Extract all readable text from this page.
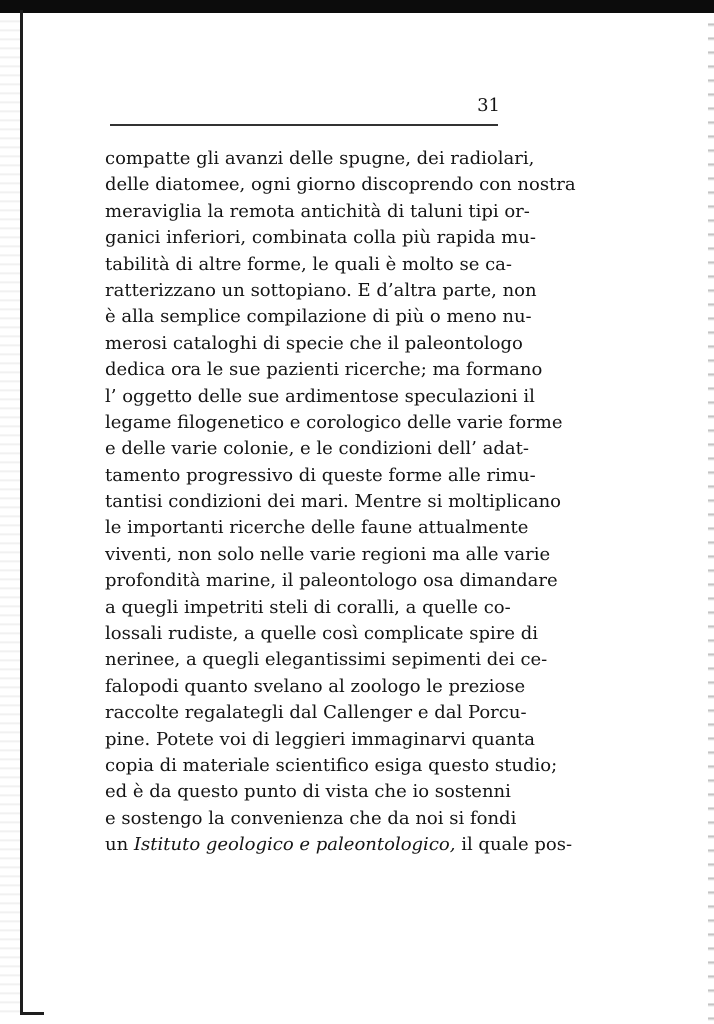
31
compatte gli avanzi delle spugne, dei radiolari,
delle diatomee, ogni giorno discoprendo con nostra
meraviglia la remota antichità di taluni tipi or-
ganici inferiori, combinata colla più rapida mu-
tabilità di altre forme, le quali è molto se ca-
ratterizzano un sottopiano. E d’altra parte, non
è alla semplice compilazione di più o meno nu-
merosi cataloghi di specie che il paleontologo
dedica ora le sue pazienti ricerche; ma formano
l’ oggetto delle sue ardimentose speculazioni il
legame filogenetico e corologico delle varie forme
e delle varie colonie, e le condizioni dell’ adat-
tamento progressivo di queste forme alle rimu-
tantisi condizioni dei mari. Mentre si moltiplicano
le importanti ricerche delle faune attualmente
viventi, non solo nelle varie regioni ma alle varie
profondità marine, il paleontologo osa dimandare
a quegli impetriti steli di coralli, a quelle co-
lossali rudiste, a quelle così complicate spire di
nerinee, a quegli elegantissimi sepimenti dei ce-
falopodi quanto svelano al zoologo le preziose
raccolte regalategli dal Callenger e dal Porcu-
pine. Potete voi di leggieri immaginarvi quanta
copia di materiale scientifico esiga questo studio;
ed è da questo punto di vista che io sostenni
e sostengo la convenienza che da noi si fondi
un Istituto geologico e paleontologico, il quale pos-
